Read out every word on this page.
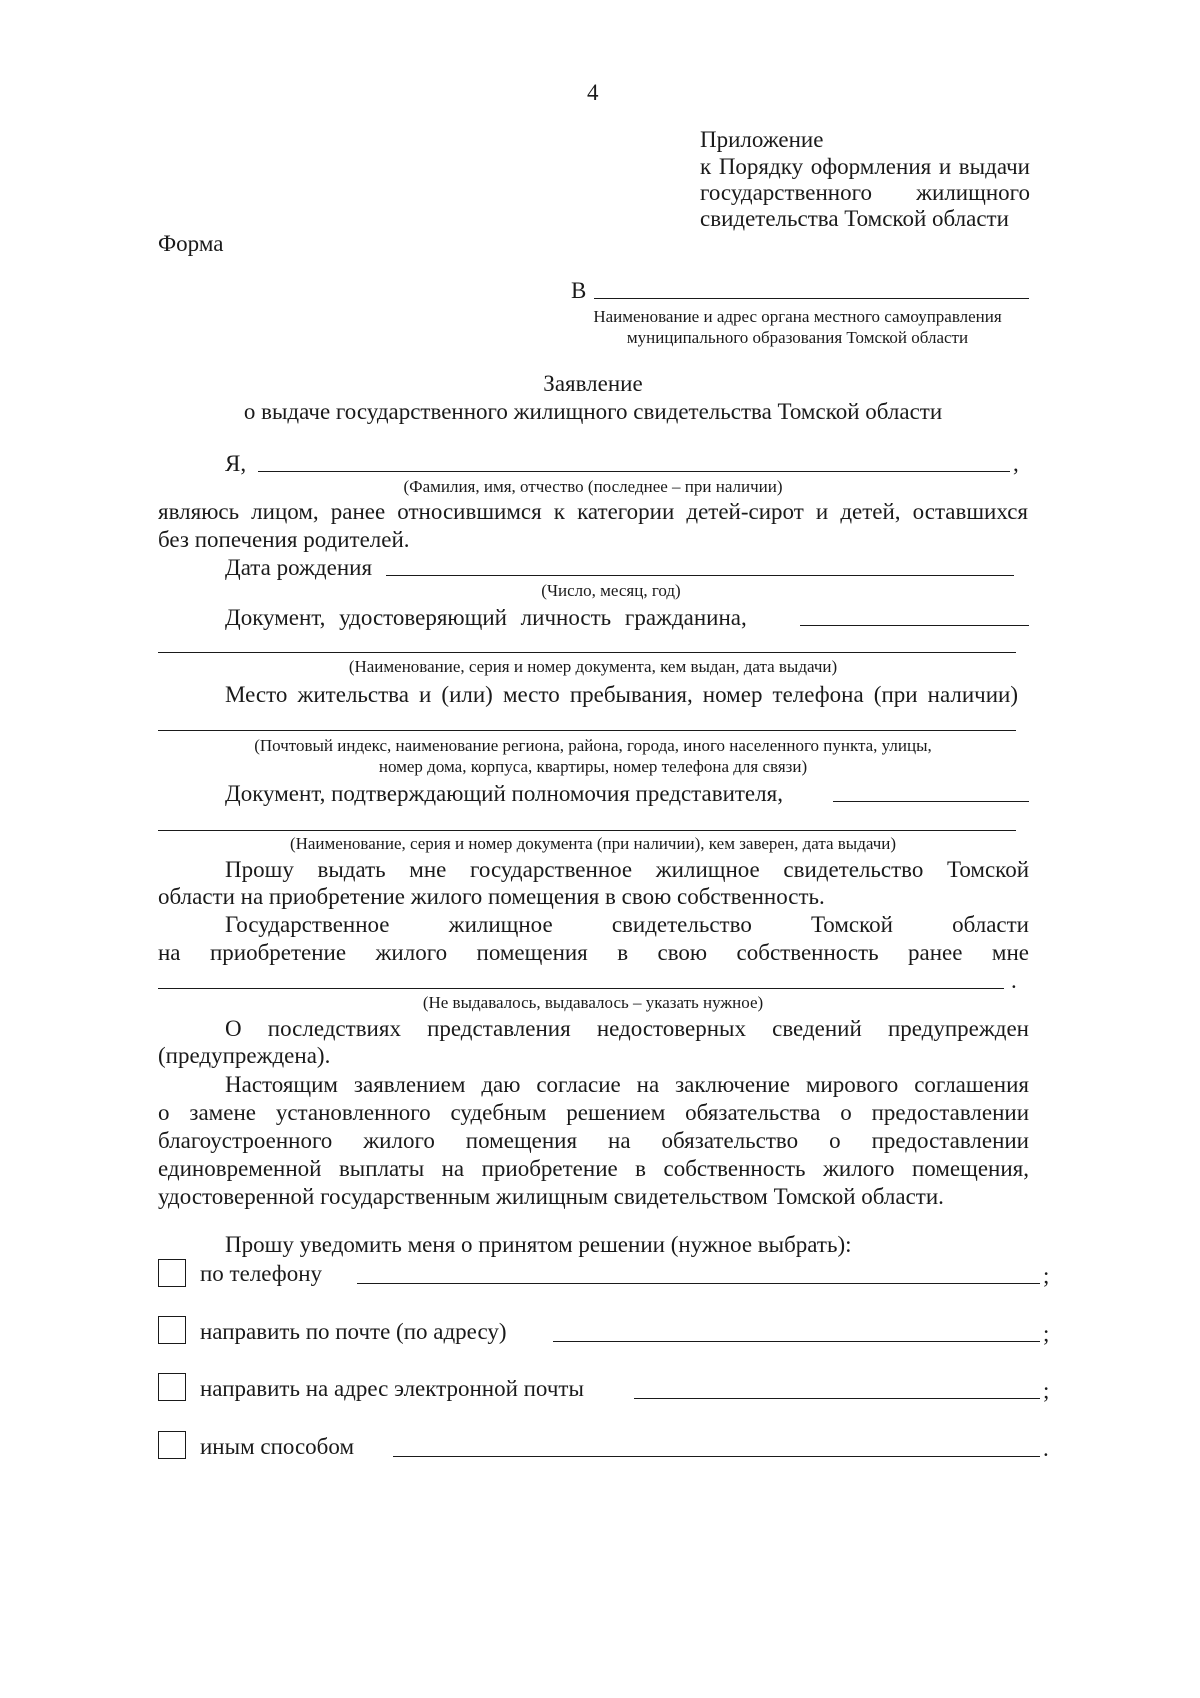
4
Приложение
к Порядку оформления и выдачи
государственного жилищного
свидетельства Томской области
Форма
В
Наименование и адрес органа местного самоуправления
муниципального образования Томской области
Заявление
о выдаче государственного жилищного свидетельства Томской области
Я,	,
(Фамилия, имя, отчество (последнее – при наличии)
являюсь лицом, ранее относившимся к категории детей-сирот и детей, оставшихся
без попечения родителей.
Дата рождения
(Число, месяц, год)
Документ, удостоверяющий личность гражданина,
(Наименование, серия и номер документа, кем выдан, дата выдачи)
Место жительства и (или) место пребывания, номер телефона (при наличии)
(Почтовый индекс, наименование региона, района, города, иного населенного пункта, улицы,
номер дома, корпуса, квартиры, номер телефона для связи)
Документ, подтверждающий полномочия представителя,
(Наименование, серия и номер документа (при наличии), кем заверен, дата выдачи)
Прошу выдать мне государственное жилищное свидетельство Томской
области на приобретение жилого помещения в свою собственность.
Государственное жилищное свидетельство Томской области
на приобретение жилого помещения в свою собственность ранее мне
.
(Не выдавалось, выдавалось – указать нужное)
О последствиях представления недостоверных сведений предупрежден
(предупреждена).
Настоящим заявлением даю согласие на заключение мирового соглашения
о замене установленного судебным решением обязательства о предоставлении
благоустроенного жилого помещения на обязательство о предоставлении
единовременной выплаты на приобретение в собственность жилого помещения,
удостоверенной государственным жилищным свидетельством Томской области.
Прошу уведомить меня о принятом решении (нужное выбрать):
по телефону	;
направить по почте (по адресу)	;
направить на адрес электронной почты	;
иным способом	.
